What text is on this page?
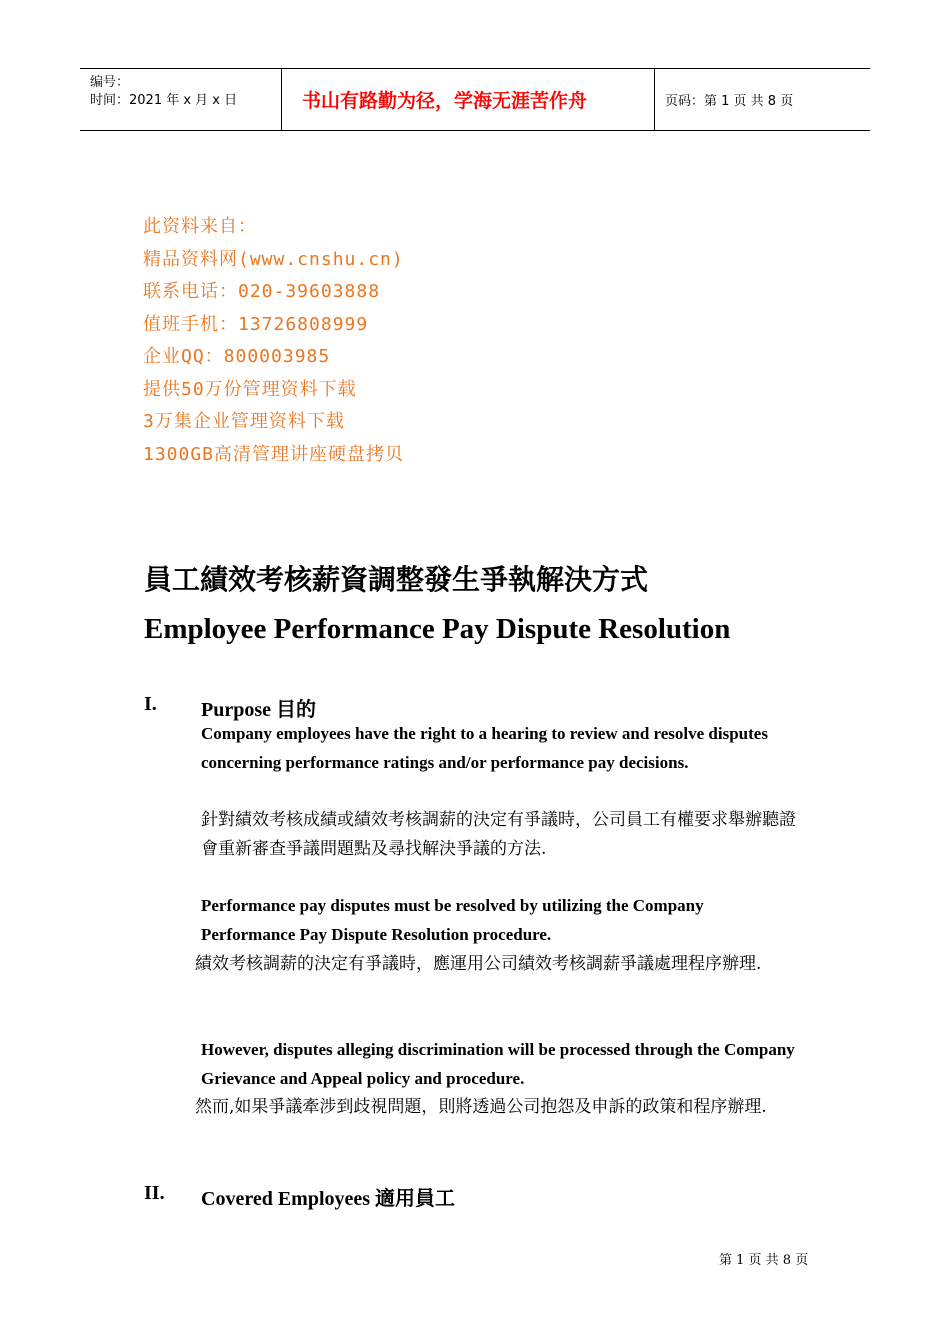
编号：
时间：2021 年 x 月 x 日	书山有路勤为径，学海无涯苦作舟	页码：第 1 页 共 8 页
此资料来自：
精品资料网(www.cnshu.cn)
联系电话：020-39603888
值班手机：13726808999
企业QQ：800003985
提供50万份管理资料下载
3万集企业管理资料下载
1300GB高清管理讲座硬盘拷贝
員工績效考核薪資調整發生爭執解決方式
Employee Performance Pay Dispute Resolution
I. Purpose 目的
Company employees have the right to a hearing to review and resolve disputes concerning performance ratings and/or performance pay decisions.
針對績效考核成績或績效考核調薪的決定有爭議時，公司員工有權要求舉辦聽證會重新審查爭議問題點及尋找解決爭議的方法.
Performance pay disputes must be resolved by utilizing the Company Performance Pay Dispute Resolution procedure.
績效考核調薪的決定有爭議時，應運用公司績效考核調薪爭議處理程序辦理.
However, disputes alleging discrimination will be processed through the Company Grievance and Appeal policy and procedure.
然而,如果爭議牽涉到歧視問題，則將透過公司抱怨及申訴的政策和程序辦理.
II. Covered Employees 適用員工
第 1 页 共 8 页
